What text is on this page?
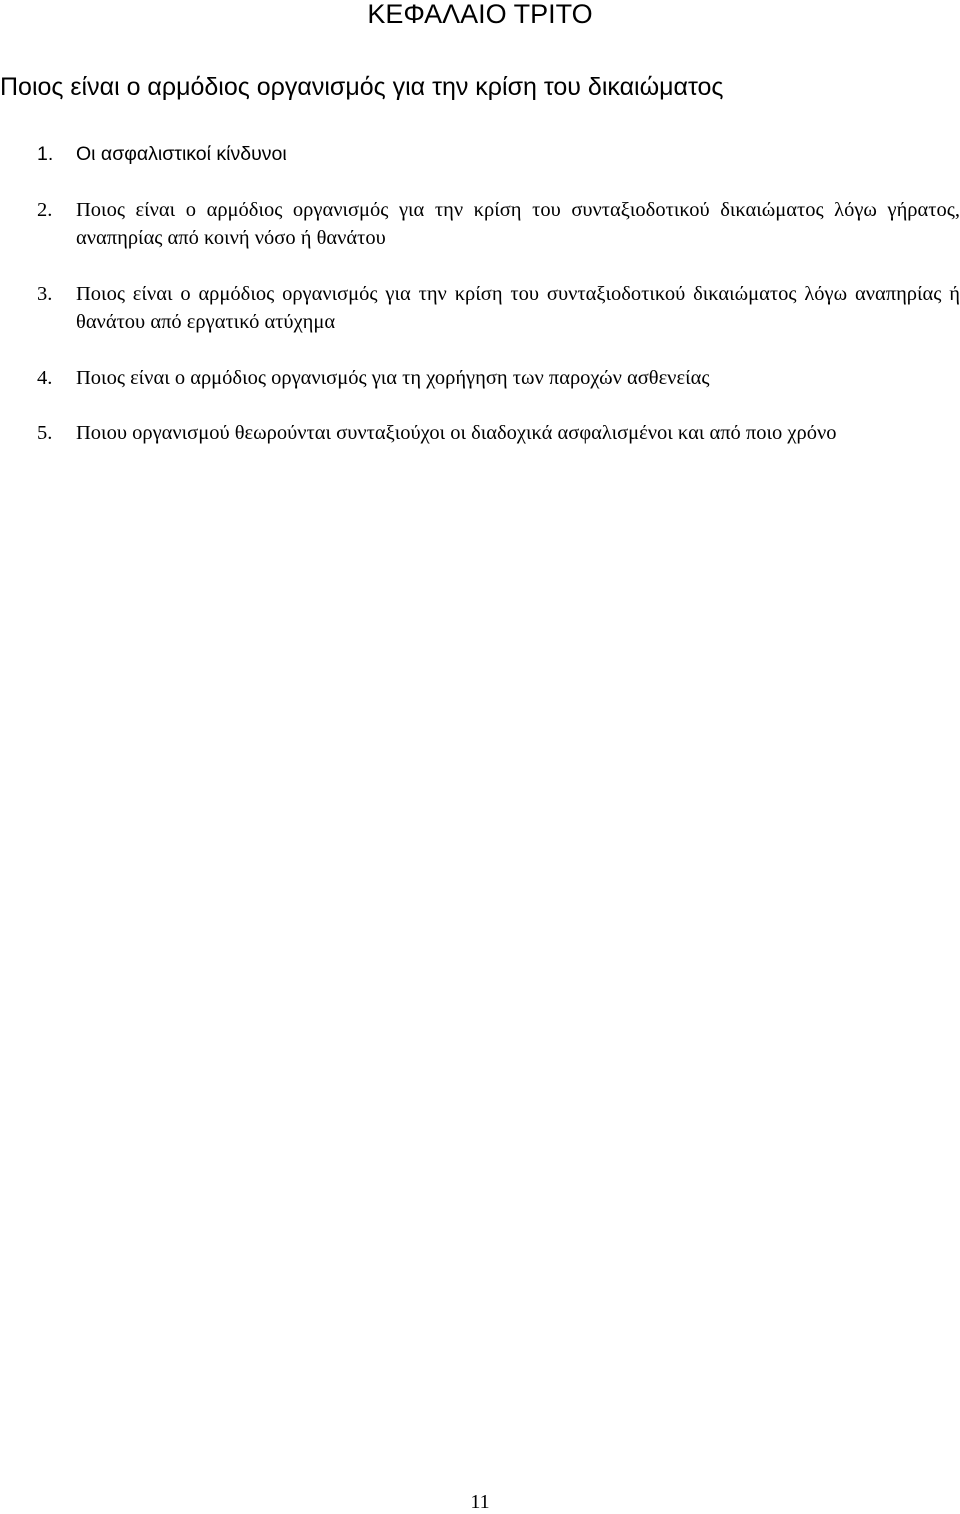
ΚΕΦΑΛΑΙΟ ΤΡΙΤΟ
Ποιος είναι ο αρμόδιος οργανισμός για την κρίση του δικαιώματος
1. Οι ασφαλιστικοί κίνδυνοι
2. Ποιος είναι ο αρμόδιος οργανισμός για την κρίση του συνταξιοδοτικού δικαιώματος λόγω γήρατος, αναπηρίας από κοινή νόσο ή θανάτου
3. Ποιος είναι ο αρμόδιος οργανισμός για την κρίση του συνταξιοδοτικού δικαιώματος λόγω αναπηρίας ή θανάτου από εργατικό ατύχημα
4. Ποιος είναι ο αρμόδιος οργανισμός για τη χορήγηση των παροχών ασθενείας
5. Ποιου οργανισμού θεωρούνται συνταξιούχοι οι διαδοχικά ασφαλισμένοι και από ποιο χρόνο
11
